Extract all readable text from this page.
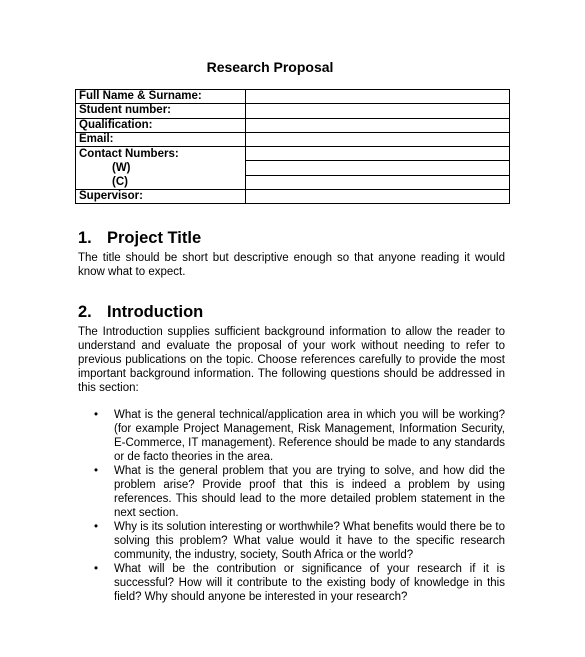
Research Proposal
Full Name & Surname:	
Student number:	
Qualification:	
Email:	
Contact Numbers:	
(W)	
(C)	
Supervisor:	
1. Project Title
The title should be short but descriptive enough so that anyone reading it would know what to expect.
2. Introduction
The Introduction supplies sufficient background information to allow the reader to understand and evaluate the proposal of your work without needing to refer to previous publications on the topic. Choose references carefully to provide the most important background information. The following questions should be addressed in this section:
• What is the general technical/application area in which you will be working? (for example Project Management, Risk Management, Information Security, E-Commerce, IT management). Reference should be made to any standards or de facto theories in the area.
• What is the general problem that you are trying to solve, and how did the problem arise? Provide proof that this is indeed a problem by using references. This should lead to the more detailed problem statement in the next section.
• Why is its solution interesting or worthwhile? What benefits would there be to solving this problem? What value would it have to the specific research community, the industry, society, South Africa or the world?
• What will be the contribution or significance of your research if it is successful? How will it contribute to the existing body of knowledge in this field? Why should anyone be interested in your research?
